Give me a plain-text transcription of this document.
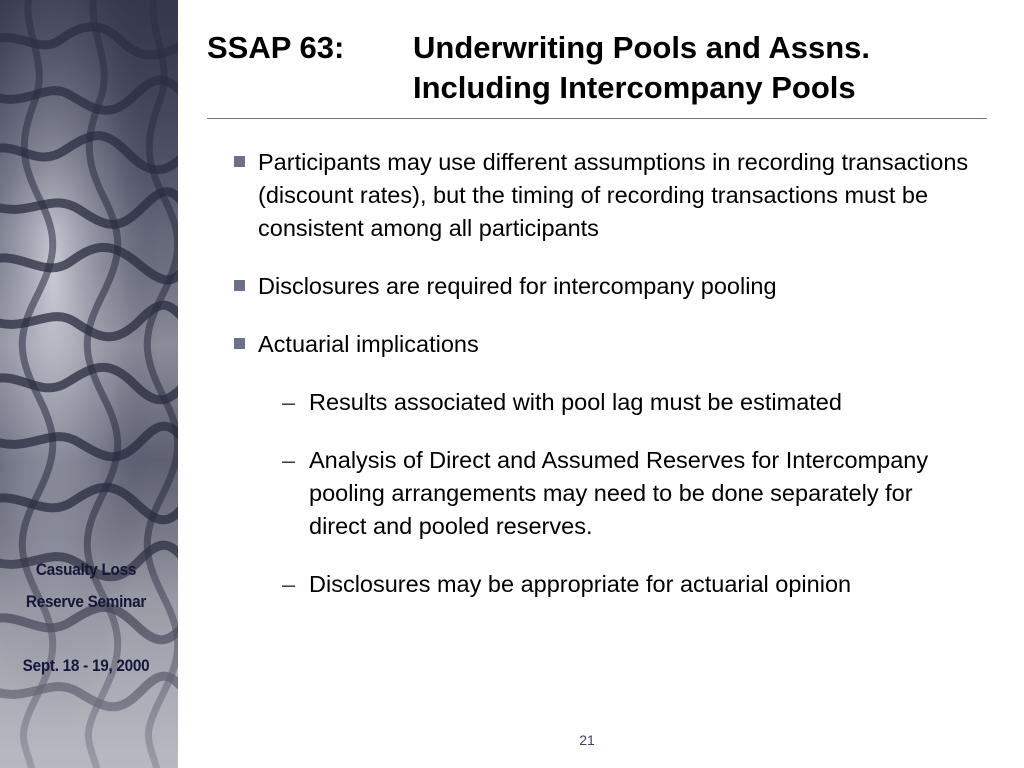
Casualty Loss
Reserve Seminar
Sept. 18 - 19, 2000
SSAP 63: Underwriting Pools and Assns.
Including Intercompany Pools
Participants may use different assumptions in recording transactions (discount rates), but the timing of recording transactions must be consistent among all participants
Disclosures are required for intercompany pooling
Actuarial implications
– Results associated with pool lag must be estimated
– Analysis of Direct and Assumed Reserves for Intercompany pooling arrangements may need to be done separately for direct and pooled reserves.
– Disclosures may be appropriate for actuarial opinion
21
